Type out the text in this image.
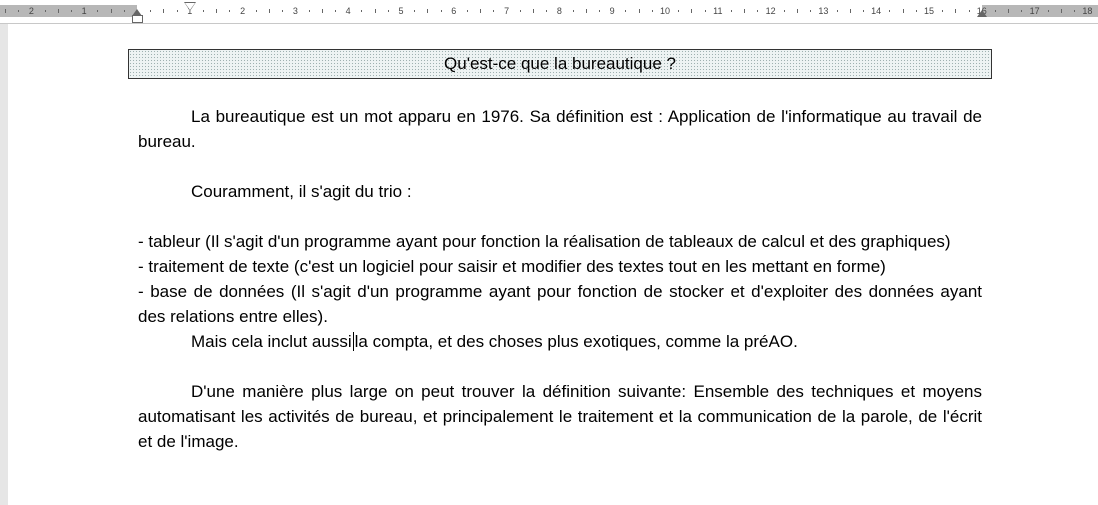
2	1	1	2	3	4	5	6	7	8	9	10	11	12	13	14	15	16	17	18
Qu'est-ce que la bureautique ?

La bureautique est un mot apparu en 1976. Sa définition est : Application de l'informatique au travail de bureau.

Couramment, il s'agit du trio :

- tableur (Il s'agit d'un programme ayant pour fonction la réalisation de tableaux de calcul et des graphiques)

- traitement de texte (c'est un logiciel pour saisir et modifier des textes tout en les mettant en forme)

- base de données (Il s'agit d'un programme ayant pour fonction de stocker et d'exploiter des données ayant des relations entre elles).

Mais cela inclut aussi la compta, et des choses plus exotiques, comme la préAO.

D'une manière plus large on peut trouver la définition suivante: Ensemble des techniques et moyens automatisant les activités de bureau, et principalement le traitement et la communication de la parole, de l'écrit et de l'image.
